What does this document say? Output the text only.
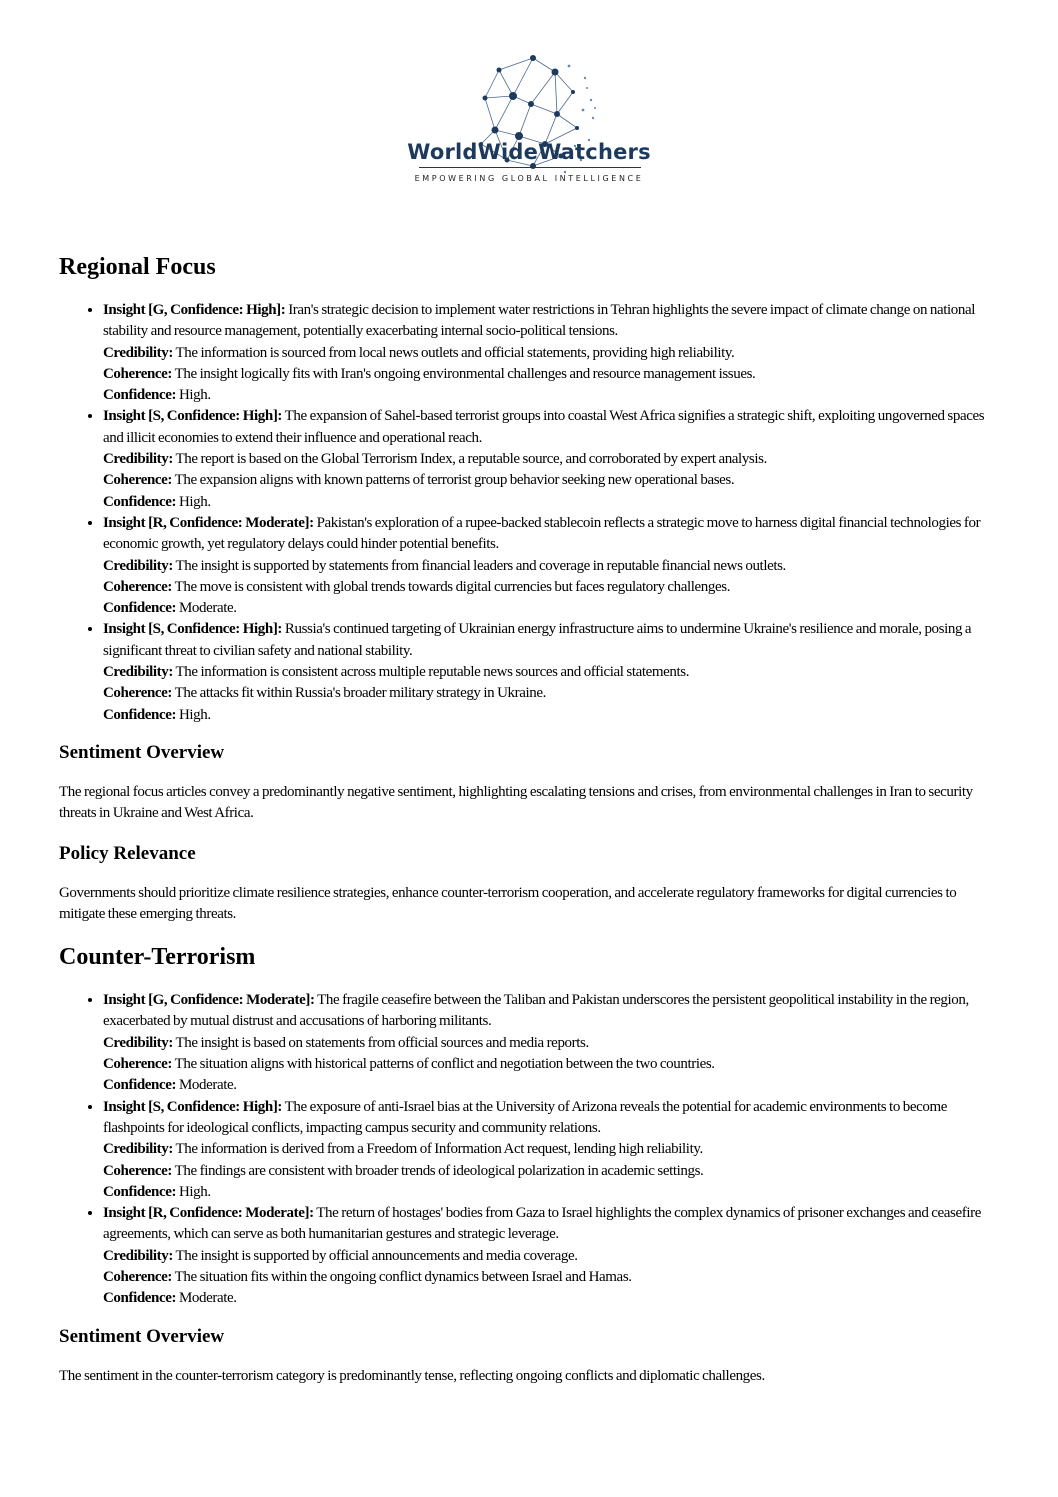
WorldWideWatchers
EMPOWERING GLOBAL INTELLIGENCE
Regional Focus
• Insight [G, Confidence: High]: Iran's strategic decision to implement water restrictions in Tehran highlights the severe impact of climate change on national stability and resource management, potentially exacerbating internal socio-political tensions.
Credibility: The information is sourced from local news outlets and official statements, providing high reliability.
Coherence: The insight logically fits with Iran's ongoing environmental challenges and resource management issues.
Confidence: High.
• Insight [S, Confidence: High]: The expansion of Sahel-based terrorist groups into coastal West Africa signifies a strategic shift, exploiting ungoverned spaces and illicit economies to extend their influence and operational reach.
Credibility: The report is based on the Global Terrorism Index, a reputable source, and corroborated by expert analysis.
Coherence: The expansion aligns with known patterns of terrorist group behavior seeking new operational bases.
Confidence: High.
• Insight [R, Confidence: Moderate]: Pakistan's exploration of a rupee-backed stablecoin reflects a strategic move to harness digital financial technologies for economic growth, yet regulatory delays could hinder potential benefits.
Credibility: The insight is supported by statements from financial leaders and coverage in reputable financial news outlets.
Coherence: The move is consistent with global trends towards digital currencies but faces regulatory challenges.
Confidence: Moderate.
• Insight [S, Confidence: High]: Russia's continued targeting of Ukrainian energy infrastructure aims to undermine Ukraine's resilience and morale, posing a significant threat to civilian safety and national stability.
Credibility: The information is consistent across multiple reputable news sources and official statements.
Coherence: The attacks fit within Russia's broader military strategy in Ukraine.
Confidence: High.
Sentiment Overview

The regional focus articles convey a predominantly negative sentiment, highlighting escalating tensions and crises, from environmental challenges in Iran to security threats in Ukraine and West Africa.

Policy Relevance

Governments should prioritize climate resilience strategies, enhance counter-terrorism cooperation, and accelerate regulatory frameworks for digital currencies to mitigate these emerging threats.

Counter-Terrorism
• Insight [G, Confidence: Moderate]: The fragile ceasefire between the Taliban and Pakistan underscores the persistent geopolitical instability in the region, exacerbated by mutual distrust and accusations of harboring militants.
Credibility: The insight is based on statements from official sources and media reports.
Coherence: The situation aligns with historical patterns of conflict and negotiation between the two countries.
Confidence: Moderate.
• Insight [S, Confidence: High]: The exposure of anti-Israel bias at the University of Arizona reveals the potential for academic environments to become flashpoints for ideological conflicts, impacting campus security and community relations.
Credibility: The information is derived from a Freedom of Information Act request, lending high reliability.
Coherence: The findings are consistent with broader trends of ideological polarization in academic settings.
Confidence: High.
• Insight [R, Confidence: Moderate]: The return of hostages' bodies from Gaza to Israel highlights the complex dynamics of prisoner exchanges and ceasefire agreements, which can serve as both humanitarian gestures and strategic leverage.
Credibility: The insight is supported by official announcements and media coverage.
Coherence: The situation fits within the ongoing conflict dynamics between Israel and Hamas.
Confidence: Moderate.
Sentiment Overview

The sentiment in the counter-terrorism category is predominantly tense, reflecting ongoing conflicts and diplomatic challenges.
